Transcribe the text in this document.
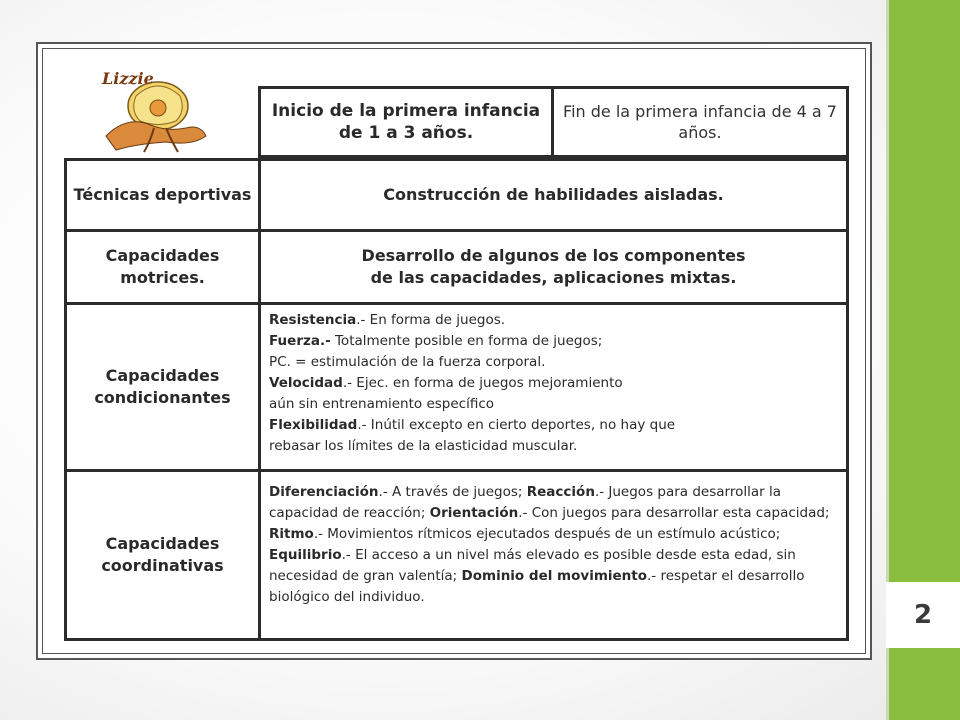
2
Lizzie
Inicio de la primera infancia de 1 a 3 años.
Fin de la primera infancia de 4 a 7 años.
Técnicas deportivas	Construcción de habilidades aisladas.
Capacidades motrices.
Desarrollo de algunos de los componentes
de las capacidades, aplicaciones mixtas.
Capacidades condicionantes
Resistencia.- En forma de juegos.
Fuerza.- Totalmente posible en forma de juegos;
PC. = estimulación de la fuerza corporal.
Velocidad.- Ejec. en forma de juegos mejoramiento
aún sin entrenamiento específico
Flexibilidad.- Inútil excepto en cierto deportes, no hay que
rebasar los límites de la elasticidad muscular.
Capacidades coordinativas
Diferenciación.- A través de juegos; Reacción.- Juegos para desarrollar la capacidad de reacción; Orientación.- Con juegos para desarrollar esta capacidad; Ritmo.- Movimientos rítmicos ejecutados después de un estímulo acústico; Equilibrio.- El acceso a un nivel más elevado es posible desde esta edad, sin necesidad de gran valentía; Dominio del movimiento.- respetar el desarrollo biológico del individuo.
